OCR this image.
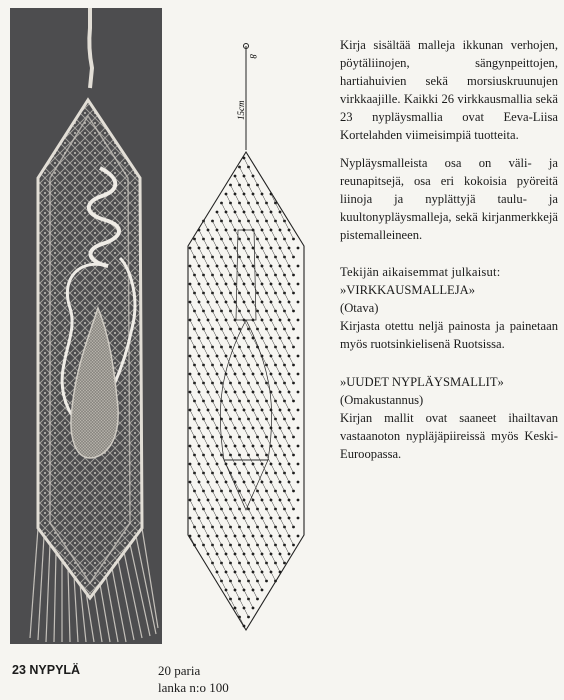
8
15cm

Kirja sisältää malleja ikkunan verhojen, pöytäliinojen, sängynpeittojen, hartiahuivien sekä morsiuskruunujen virkkaajille. Kaikki 26 virkkausmallia sekä 23 nypläysmallia ovat Eeva-Liisa Kortelahden viimeisimpiä tuotteita.

Nypläysmalleista osa on väli- ja reunapitsejä, osa eri kokoisia pyöreitä liinoja ja nyplättyjä taulu- ja kuultonypläysmalleja, sekä kirjanmerkkejä pistemalleineen.

Tekijän aikaisemmat julkaisut:

»VIRKKAUSMALLEJA»

(Otava)

Kirjasta otettu neljä painosta ja painetaan myös ruotsinkielisenä Ruotsissa.

»UUDET NYPLÄYSMALLIT»

(Omakustannus)

Kirjan mallit ovat saaneet ihailtavan vastaanoton nypläjäpiireissä myös Keski-Euroopassa.

23 NYPYLÄ	20 paria
lanka n:o 100
